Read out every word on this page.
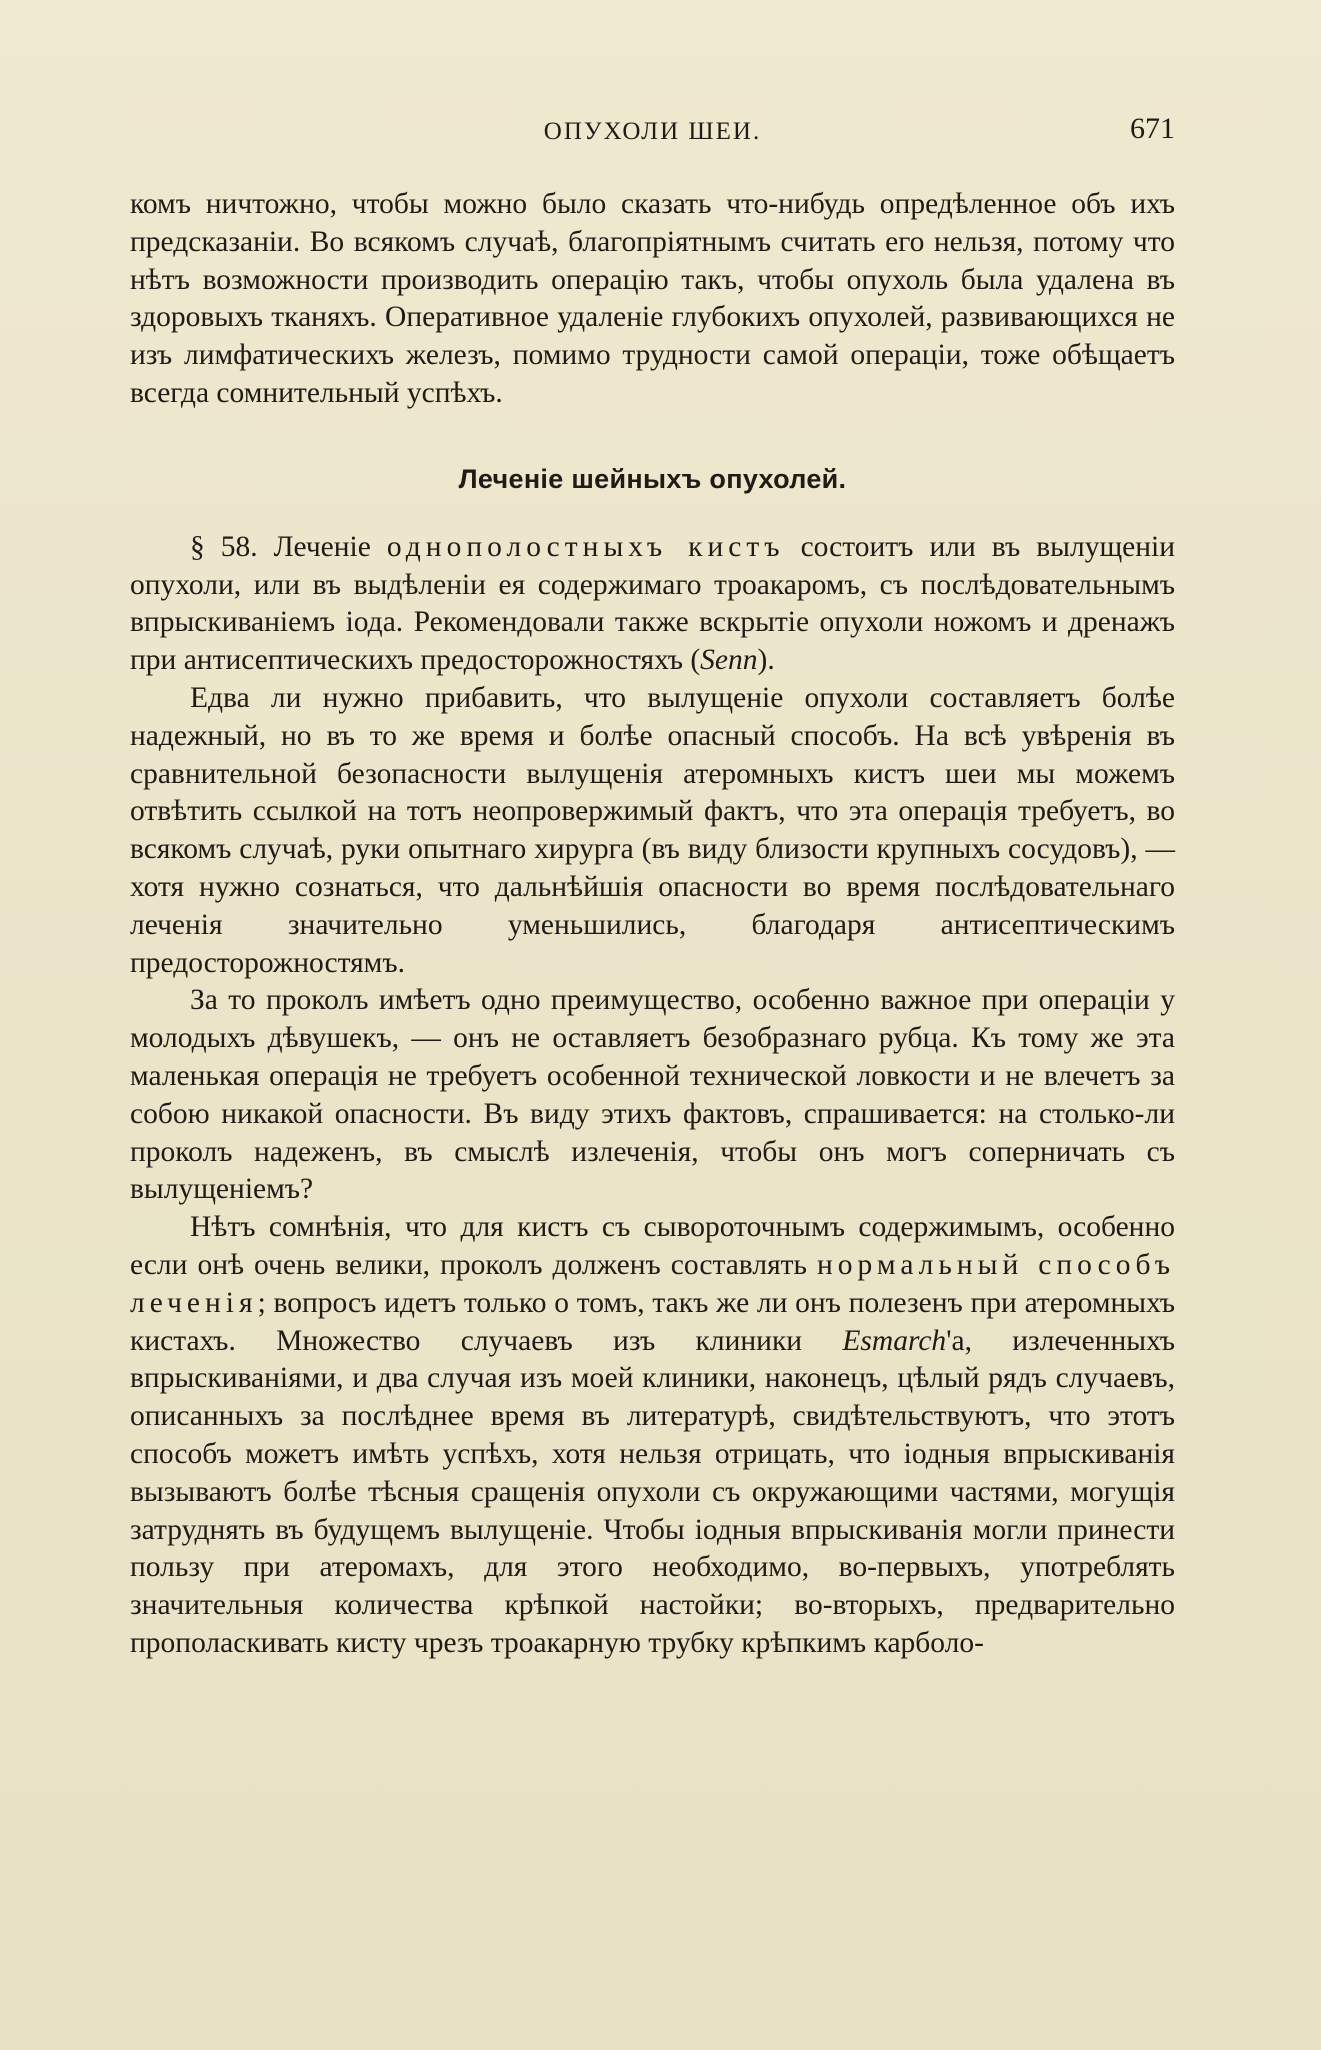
ОПУХОЛИ ШЕИ.	671

комъ ничтожно, чтобы можно было сказать что-нибудь опредѣленное объ ихъ предсказаніи. Во всякомъ случаѣ, благопріятнымъ считать его нельзя, потому что нѣтъ возможности производить операцію такъ, чтобы опухоль была удалена въ здоровыхъ тканяхъ. Оперативное удаленіе глубокихъ опухолей, развивающихся не изъ лимфатическихъ железъ, помимо трудности самой операціи, тоже обѣщаетъ всегда сомнительный успѣхъ.

Леченіе шейныхъ опухолей.

§ 58. Леченіе однополостныхъ кистъ состоитъ или въ вылущеніи опухоли, или въ выдѣленіи ея содержимаго троакаромъ, съ послѣдовательнымъ впрыскиваніемъ іода. Рекомендовали также вскрытіе опухоли ножомъ и дренажъ при антисептическихъ предосторожностяхъ (Senn).

Едва ли нужно прибавить, что вылущеніе опухоли составляетъ болѣе надежный, но въ то же время и болѣе опасный способъ. На всѣ увѣренія въ сравнительной безопасности вылущенія атеромныхъ кистъ шеи мы можемъ отвѣтить ссылкой на тотъ неопровержимый фактъ, что эта операція требуетъ, во всякомъ случаѣ, руки опытнаго хирурга (въ виду близости крупныхъ сосудовъ), — хотя нужно сознаться, что дальнѣйшія опасности во время послѣдовательнаго леченія значительно уменьшились, благодаря антисептическимъ предосторожностямъ.

За то проколъ имѣетъ одно преимущество, особенно важное при операціи у молодыхъ дѣвушекъ, — онъ не оставляетъ безобразнаго рубца. Къ тому же эта маленькая операція не требуетъ особенной технической ловкости и не влечетъ за собою никакой опасности. Въ виду этихъ фактовъ, спрашивается: на столько-ли проколъ надеженъ, въ смыслѣ излеченія, чтобы онъ могъ соперничать съ вылущеніемъ?

Нѣтъ сомнѣнія, что для кистъ съ сывороточнымъ содержимымъ, особенно если онѣ очень велики, проколъ долженъ составлять нормальный способъ леченія; вопросъ идетъ только о томъ, такъ же ли онъ полезенъ при атеромныхъ кистахъ. Множество случаевъ изъ клиники Esmarch'а, излеченныхъ впрыскиваніями, и два случая изъ моей клиники, наконецъ, цѣлый рядъ случаевъ, описанныхъ за послѣднее время въ литературѣ, свидѣтельствуютъ, что этотъ способъ можетъ имѣть успѣхъ, хотя нельзя отрицать, что іодныя впрыскиванія вызываютъ болѣе тѣсныя сращенія опухоли съ окружающими частями, могущія затруднять въ будущемъ вылущеніе. Чтобы іодныя впрыскиванія могли принести пользу при атеромахъ, для этого необходимо, во-первыхъ, употреблять значительныя количества крѣпкой настойки; во-вторыхъ, предварительно прополаскивать кисту чрезъ троакарную трубку крѣпкимъ карболо-
